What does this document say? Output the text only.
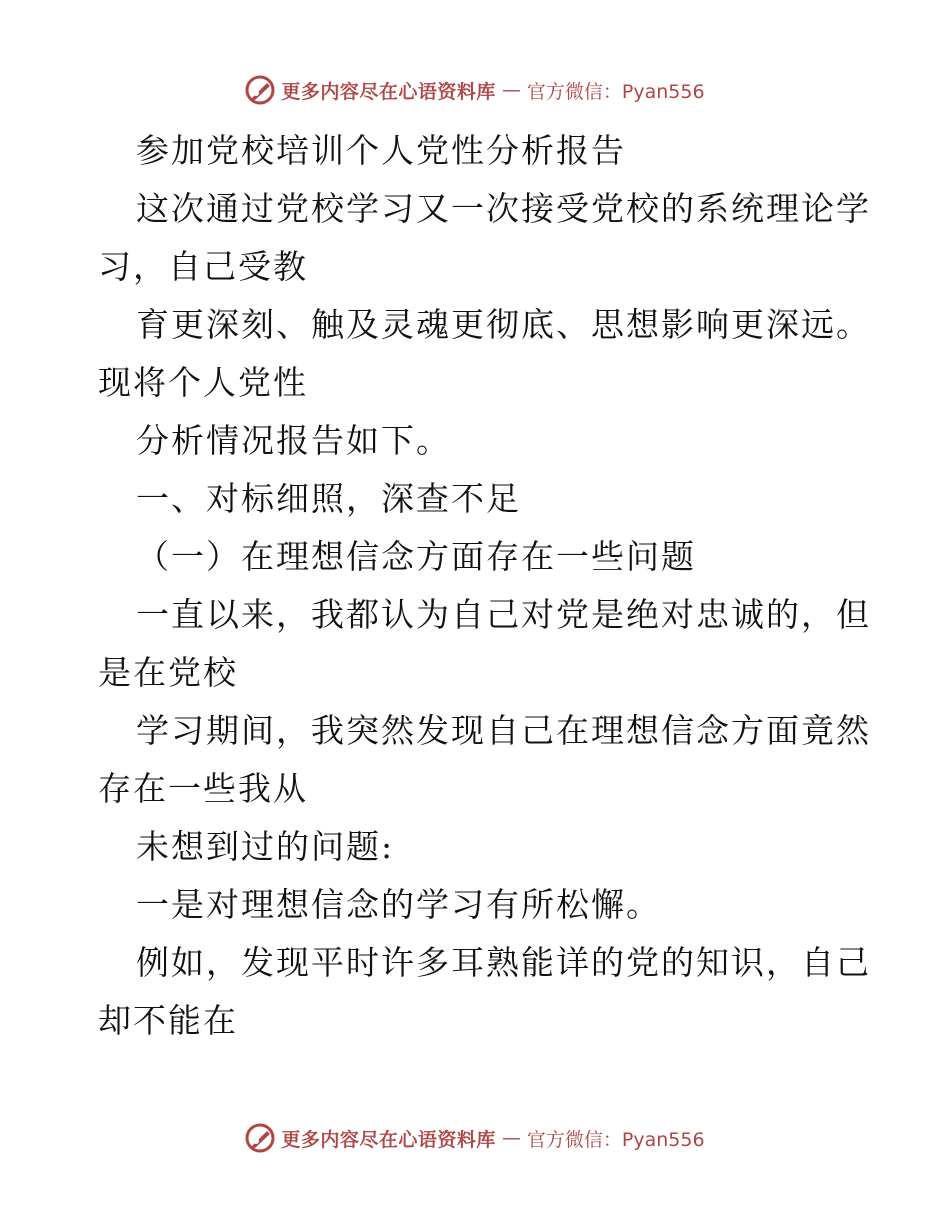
更多内容尽在心语资料库 — 官方微信：Pyan556
参加党校培训个人党性分析报告
这次通过党校学习又一次接受党校的系统理论学
习，自己受教
育更深刻、触及灵魂更彻底、思想影响更深远。
现将个人党性
分析情况报告如下。
一、对标细照，深查不足
（一）在理想信念方面存在一些问题
一直以来，我都认为自己对党是绝对忠诚的，但
是在党校
学习期间，我突然发现自己在理想信念方面竟然
存在一些我从
未想到过的问题:
一是对理想信念的学习有所松懈。
例如，发现平时许多耳熟能详的党的知识，自己
却不能在
更多内容尽在心语资料库 — 官方微信：Pyan556
